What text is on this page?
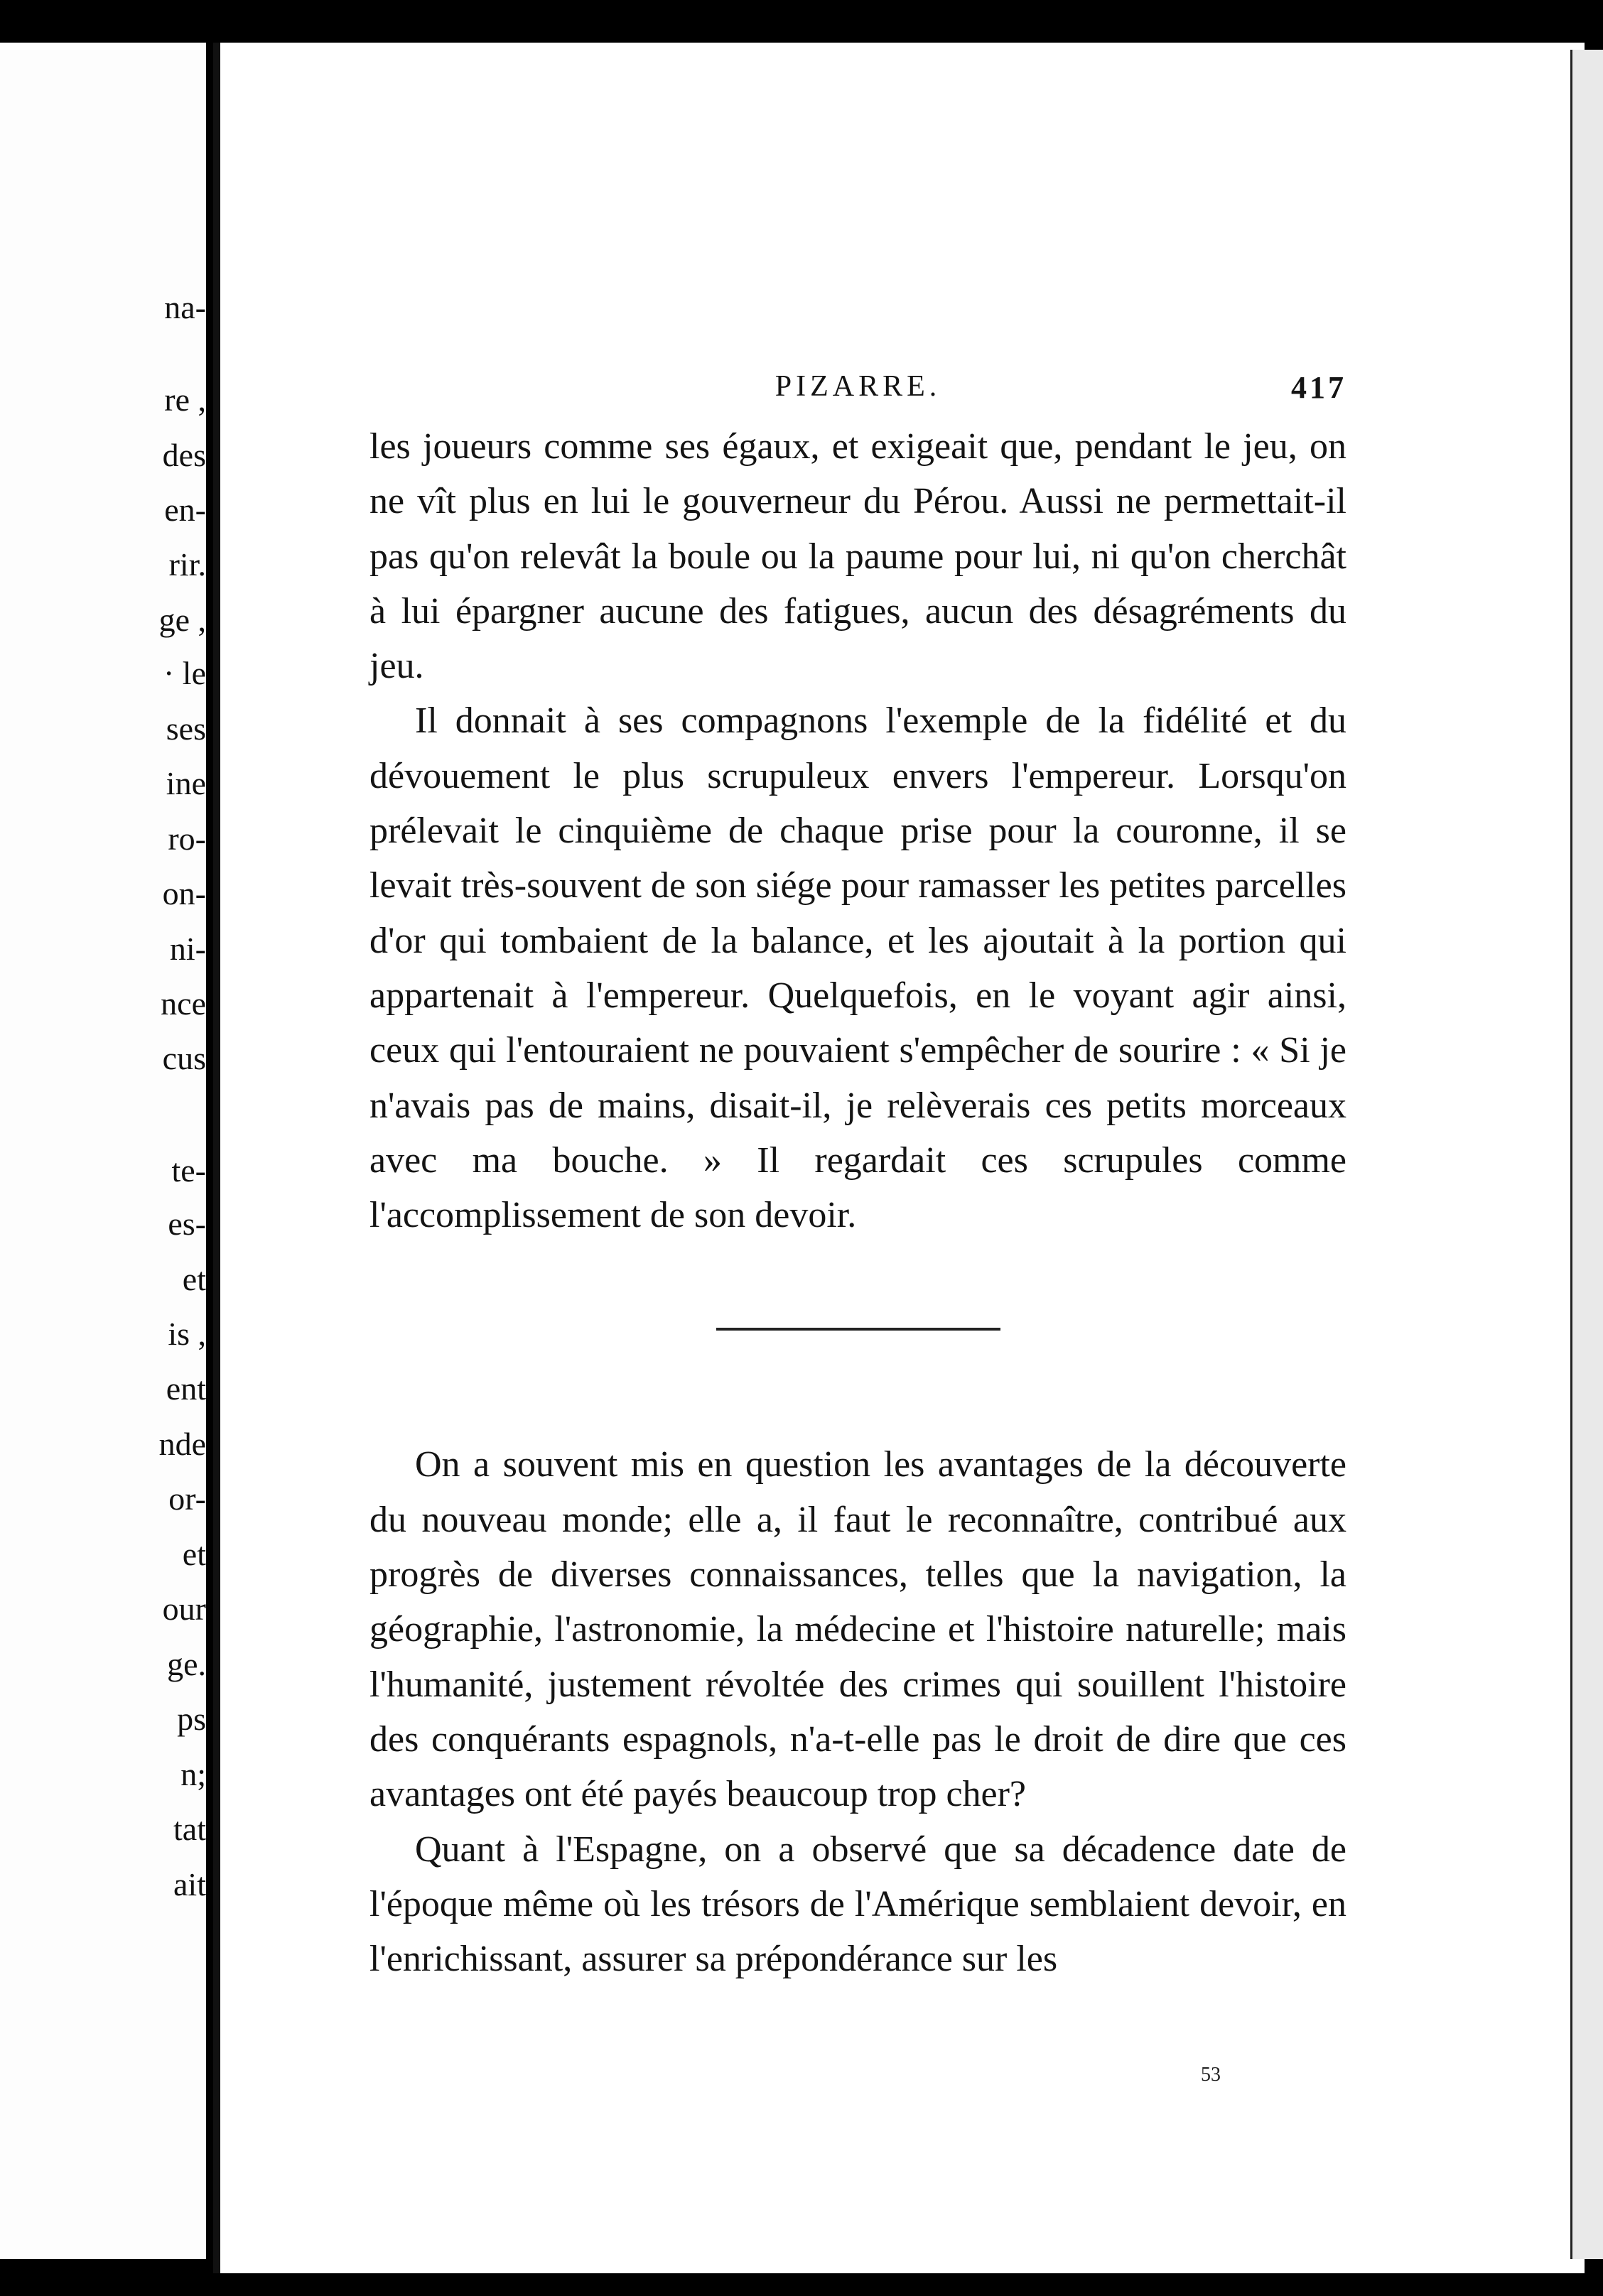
na-
re ,
des
en-
rir.
ge ,
· le
ses
ine
ro-
on-
ni-
nce
cus
te-
es-
et
is ,
ent
nde
or-
et
our
ge.
ps
n;
tat
ait
PIZARRE.	417

les joueurs comme ses égaux, et exigeait que, pendant le jeu, on ne vît plus en lui le gouverneur du Pérou. Aussi ne permettait-il pas qu'on relevât la boule ou la paume pour lui, ni qu'on cherchât à lui épargner aucune des fatigues, aucun des désagréments du jeu.

Il donnait à ses compagnons l'exemple de la fidélité et du dévouement le plus scrupuleux envers l'empereur. Lorsqu'on prélevait le cinquième de chaque prise pour la couronne, il se levait très-souvent de son siége pour ramasser les petites parcelles d'or qui tombaient de la balance, et les ajoutait à la portion qui appartenait à l'empereur. Quelquefois, en le voyant agir ainsi, ceux qui l'entouraient ne pouvaient s'empêcher de sourire : « Si je n'avais pas de mains, disait-il, je relèverais ces petits morceaux avec ma bouche. » Il regardait ces scrupules comme l'accomplissement de son devoir.

On a souvent mis en question les avantages de la découverte du nouveau monde; elle a, il faut le reconnaître, contribué aux progrès de diverses connaissances, telles que la navigation, la géographie, l'astronomie, la médecine et l'histoire naturelle; mais l'humanité, justement révoltée des crimes qui souillent l'histoire des conquérants espagnols, n'a-t-elle pas le droit de dire que ces avantages ont été payés beaucoup trop cher?

Quant à l'Espagne, on a observé que sa décadence date de l'époque même où les trésors de l'Amérique semblaient devoir, en l'enrichissant, assurer sa prépondérance sur les

53
